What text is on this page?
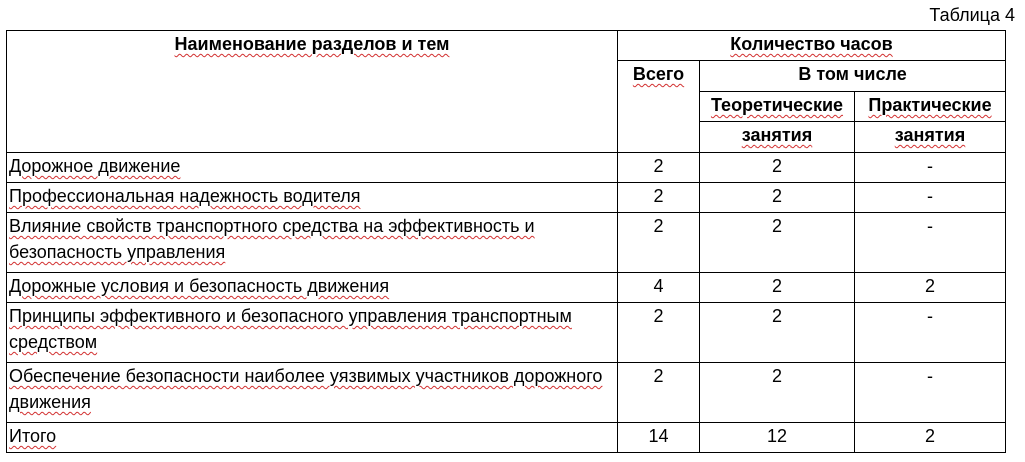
Таблица 4
Наименование разделов и тем	Количество часов		
	Всего	В том числе	
		Теоретические	Практические
		занятия	занятия
Дорожное движение	2	2	-
Профессиональная надежность водителя	2	2	-
Влияние свойств транспортного средства на эффективность и безопасность управления	2	2	-
Дорожные условия и безопасность движения	4	2	2
Принципы эффективного и безопасного управления транспортным средством	2	2	-
Обеспечение безопасности наиболее уязвимых участников дорожного движения	2	2	-
Итого	14	12	2
